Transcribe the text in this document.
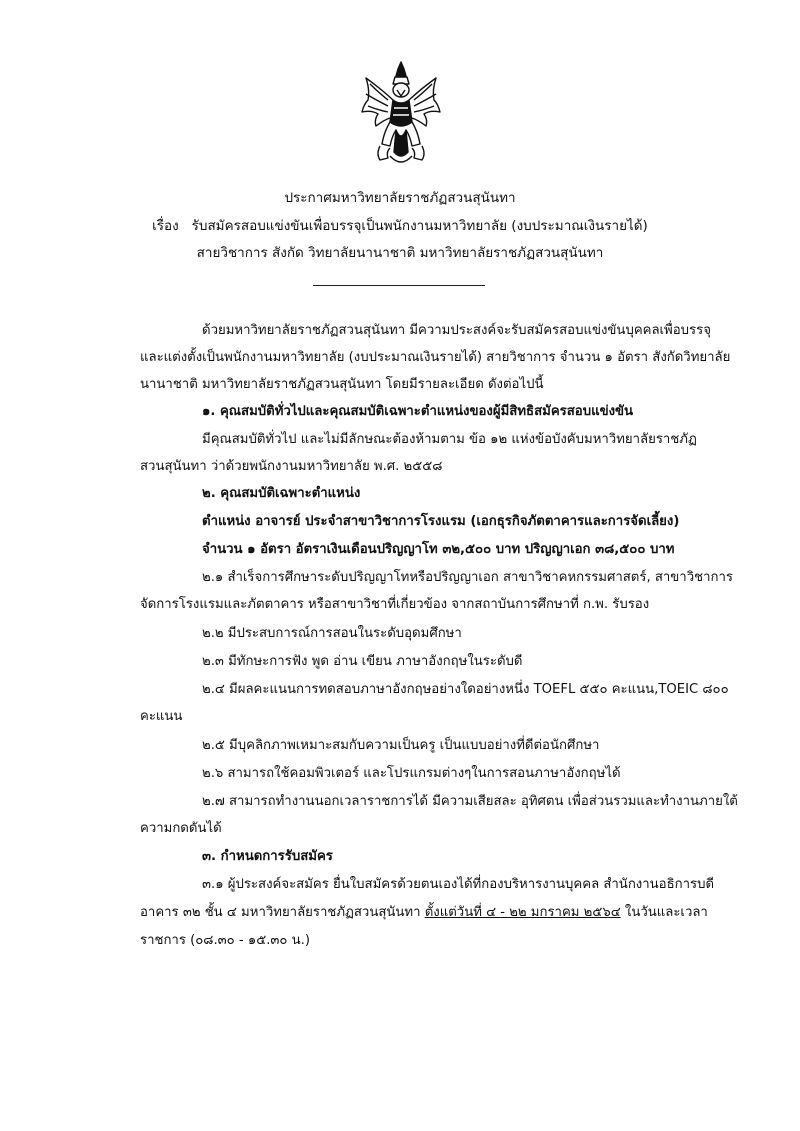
ประกาศมหาวิทยาลัยราชภัฏสวนสุนันทา
เรื่อง รับสมัครสอบแข่งขันเพื่อบรรจุเป็นพนักงานมหาวิทยาลัย (งบประมาณเงินรายได้)
สายวิชาการ สังกัด วิทยาลัยนานาชาติ มหาวิทยาลัยราชภัฏสวนสุนันทา
ด้วยมหาวิทยาลัยราชภัฏสวนสุนันทา มีความประสงค์จะรับสมัครสอบแข่งขันบุคคลเพื่อบรรจุ
และแต่งตั้งเป็นพนักงานมหาวิทยาลัย (งบประมาณเงินรายได้) สายวิชาการ จำนวน ๑ อัตรา สังกัดวิทยาลัย
นานาชาติ มหาวิทยาลัยราชภัฏสวนสุนันทา โดยมีรายละเอียด ดังต่อไปนี้
๑. คุณสมบัติทั่วไปและคุณสมบัติเฉพาะตำแหน่งของผู้มีสิทธิสมัครสอบแข่งขัน
มีคุณสมบัติทั่วไป และไม่มีลักษณะต้องห้ามตาม ข้อ ๑๒ แห่งข้อบังคับมหาวิทยาลัยราชภัฏ
สวนสุนันทา ว่าด้วยพนักงานมหาวิทยาลัย พ.ศ. ๒๕๕๘
๒. คุณสมบัติเฉพาะตำแหน่ง
ตำแหน่ง อาจารย์ ประจำสาขาวิชาการโรงแรม (เอกธุรกิจภัตตาคารและการจัดเลี้ยง)
จำนวน ๑ อัตรา อัตราเงินเดือนปริญญาโท ๓๒,๕๐๐ บาท ปริญญาเอก ๓๘,๕๐๐ บาท
๒.๑ สำเร็จการศึกษาระดับปริญญาโทหรือปริญญาเอก สาขาวิชาคหกรรมศาสตร์, สาขาวิชาการ
จัดการโรงแรมและภัตตาคาร หรือสาขาวิชาที่เกี่ยวข้อง จากสถาบันการศึกษาที่ ก.พ. รับรอง
๒.๒ มีประสบการณ์การสอนในระดับอุดมศึกษา
๒.๓ มีทักษะการฟัง พูด อ่าน เขียน ภาษาอังกฤษในระดับดี
๒.๔ มีผลคะแนนการทดสอบภาษาอังกฤษอย่างใดอย่างหนึ่ง TOEFL ๕๕๐ คะแนน,TOEIC ๘๐๐
คะแนน
๒.๕ มีบุคลิกภาพเหมาะสมกับความเป็นครู เป็นแบบอย่างที่ดีต่อนักศึกษา
๒.๖ สามารถใช้คอมพิวเตอร์ และโปรแกรมต่างๆในการสอนภาษาอังกฤษได้
๒.๗ สามารถทำงานนอกเวลาราชการได้ มีความเสียสละ อุทิศตน เพื่อส่วนรวมและทำงานภายใต้
ความกดดันได้
๓. กำหนดการรับสมัคร
๓.๑ ผู้ประสงค์จะสมัคร ยื่นใบสมัครด้วยตนเองได้ที่กองบริหารงานบุคคล สำนักงานอธิการบดี
อาคาร ๓๒ ชั้น ๔ มหาวิทยาลัยราชภัฏสวนสุนันทา ตั้งแต่วันที่ ๔ - ๒๒ มกราคม ๒๕๖๔ ในวันและเวลา
ราชการ (๐๘.๓๐ - ๑๕.๓๐ น.)
